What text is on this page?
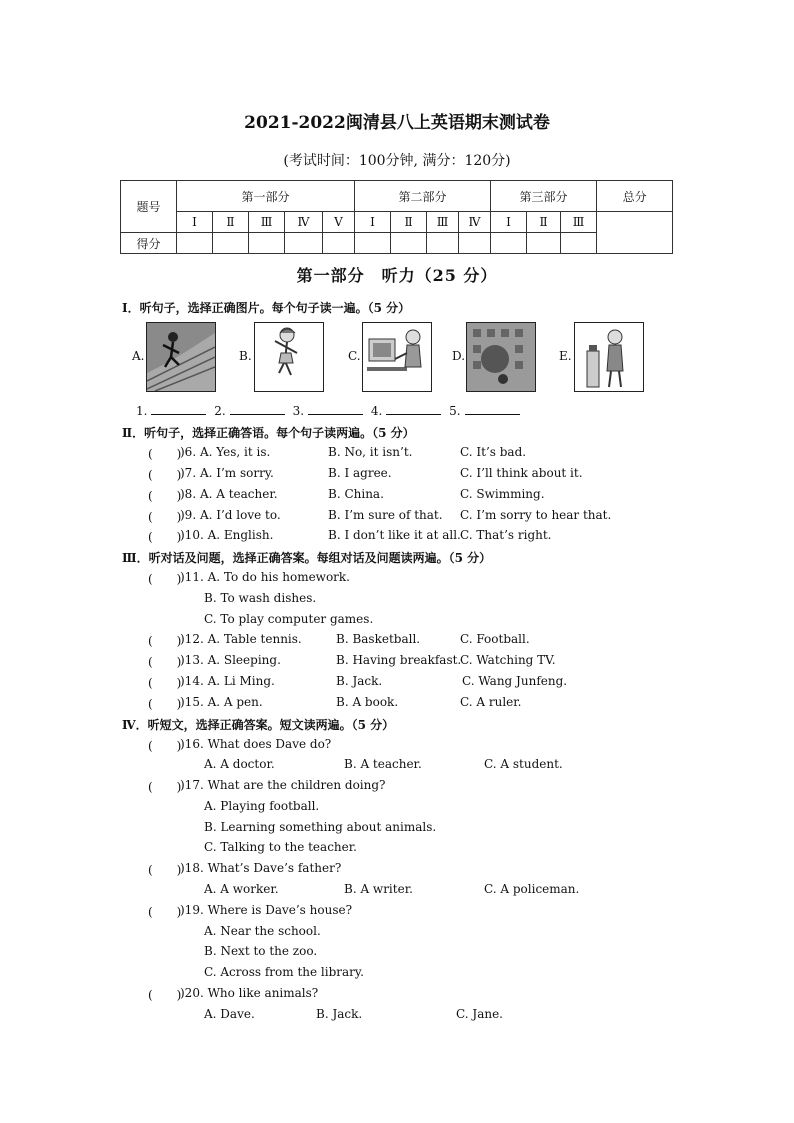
2021-2022闽清县八上英语期末测试卷
(考试时间：100分钟, 满分：120分)
题号	第一部分					第二部分				第三部分			总分
	Ⅰ	Ⅱ	Ⅲ	Ⅳ	Ⅴ	Ⅰ	Ⅱ	Ⅲ	Ⅳ	Ⅰ	Ⅱ	Ⅲ	
得分													
第一部分　听力（25 分）
Ⅰ．听句子，选择正确图片。每个句子读一遍。（5 分）
A.	B.	C.	D.	E.
1.	2.	3.	4.	5.
Ⅱ．听句子，选择正确答语。每个句子读两遍。（5 分）
(　　)
)6. A. Yes, it is.	B. No, it isn’t.	C. It’s bad.
(　　)
)7. A. I’m sorry.	B. I agree.	C. I’ll think about it.
(　　)
)8. A. A teacher.	B. China.	C. Swimming.
(　　)
)9. A. I’d love to.	B. I’m sure of that. C. I’m sorry to hear that.
(　　)
)10. A. English.	B. I don’t like it at all. C. That’s right.
Ⅲ．听对话及问题，选择正确答案。每组对话及问题读两遍。（5 分）
(　　)
)11. A. To do his homework.
B. To wash dishes.
C. To play computer games.
(　　)
)12. A. Table tennis.	B. Basketball.	C. Football.
(　　)
)13. A. Sleeping.	B. Having breakfast.
C. Watching TV.
(　　)
)14. A. Li Ming.	B. Jack.	C. Wang Junfeng.
(　　)
)15. A. A pen.	B. A book.	C. A ruler.
Ⅳ．听短文，选择正确答案。短文读两遍。（5 分）
(　　)
)16. What does Dave do?
A. A doctor.	B. A teacher.	C. A student.
(　　)
)17. What are the children doing?
A. Playing football.
B. Learning something about animals.
C. Talking to the teacher.
(　　)
)18. What’s Dave’s father?
A. A worker.	B. A writer.	C. A policeman.
(　　)
)19. Where is Dave’s house?
A. Near the school.
B. Next to the zoo.
C. Across from the library.
(　　)
)20. Who like animals?
A. Dave.	B. Jack.	C. Jane.
